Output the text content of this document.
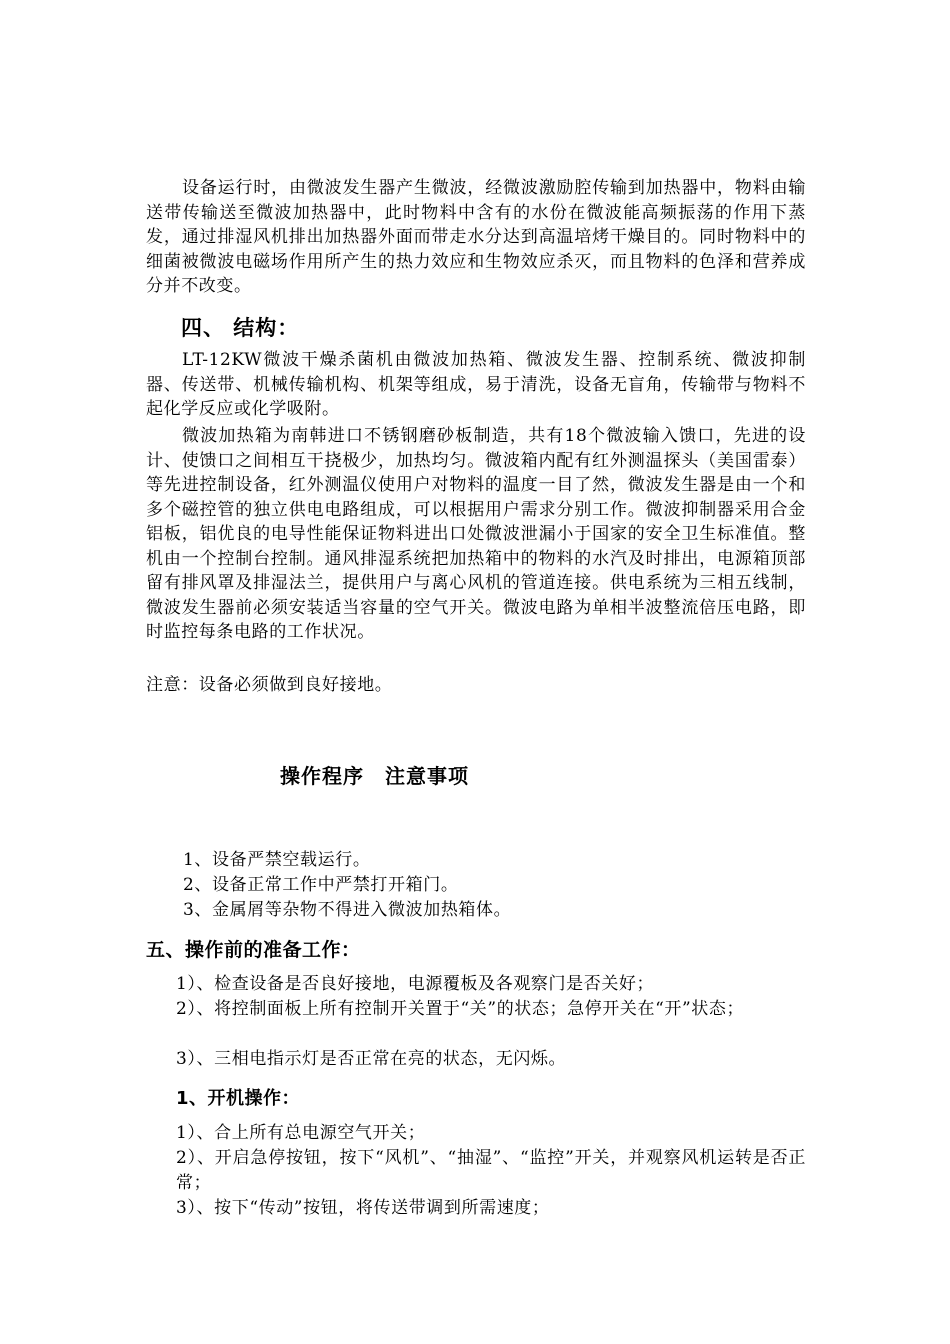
设备运行时，由微波发生器产生微波，经微波激励腔传输到加热器中，物料由输送带传输送至微波加热器中，此时物料中含有的水份在微波能高频振荡的作用下蒸发，通过排湿风机排出加热器外面而带走水分达到高温培烤干燥目的。同时物料中的细菌被微波电磁场作用所产生的热力效应和生物效应杀灭，而且物料的色泽和营养成分并不改变。

四、 结构：

LT-12KW微波干燥杀菌机由微波加热箱、微波发生器、控制系统、微波抑制器、传送带、机械传输机构、机架等组成，易于清洗，设备无盲角，传输带与物料不起化学反应或化学吸附。

微波加热箱为南韩进口不锈钢磨砂板制造，共有18个微波输入馈口，先进的设计、使馈口之间相互干挠极少，加热均匀。微波箱内配有红外测温探头（美国雷泰）等先进控制设备，红外测温仪使用户对物料的温度一目了然，微波发生器是由一个和多个磁控管的独立供电电路组成，可以根据用户需求分别工作。微波抑制器采用合金铝板，铝优良的电导性能保证物料进出口处微波泄漏小于国家的安全卫生标准值。整机由一个控制台控制。通风排湿系统把加热箱中的物料的水汽及时排出，电源箱顶部留有排风罩及排湿法兰，提供用户与离心风机的管道连接。供电系统为三相五线制，微波发生器前必须安装适当容量的空气开关。微波电路为单相半波整流倍压电路，即时监控每条电路的工作状况。

注意：设备必须做到良好接地。

操作程序　注意事项

1、设备严禁空载运行。

2、设备正常工作中严禁打开箱门。

3、金属屑等杂物不得进入微波加热箱体。

五、操作前的准备工作：

1）、检查设备是否良好接地，电源覆板及各观察门是否关好；

2）、将控制面板上所有控制开关置于“关”的状态；急停开关在“开”状态；

3）、三相电指示灯是否正常在亮的状态，无闪烁。

1、开机操作：

1）、合上所有总电源空气开关；

2）、开启急停按钮，按下“风机”、“抽湿”、“监控”开关，并观察风机运转是否正常；

3）、按下“传动”按钮，将传送带调到所需速度；
